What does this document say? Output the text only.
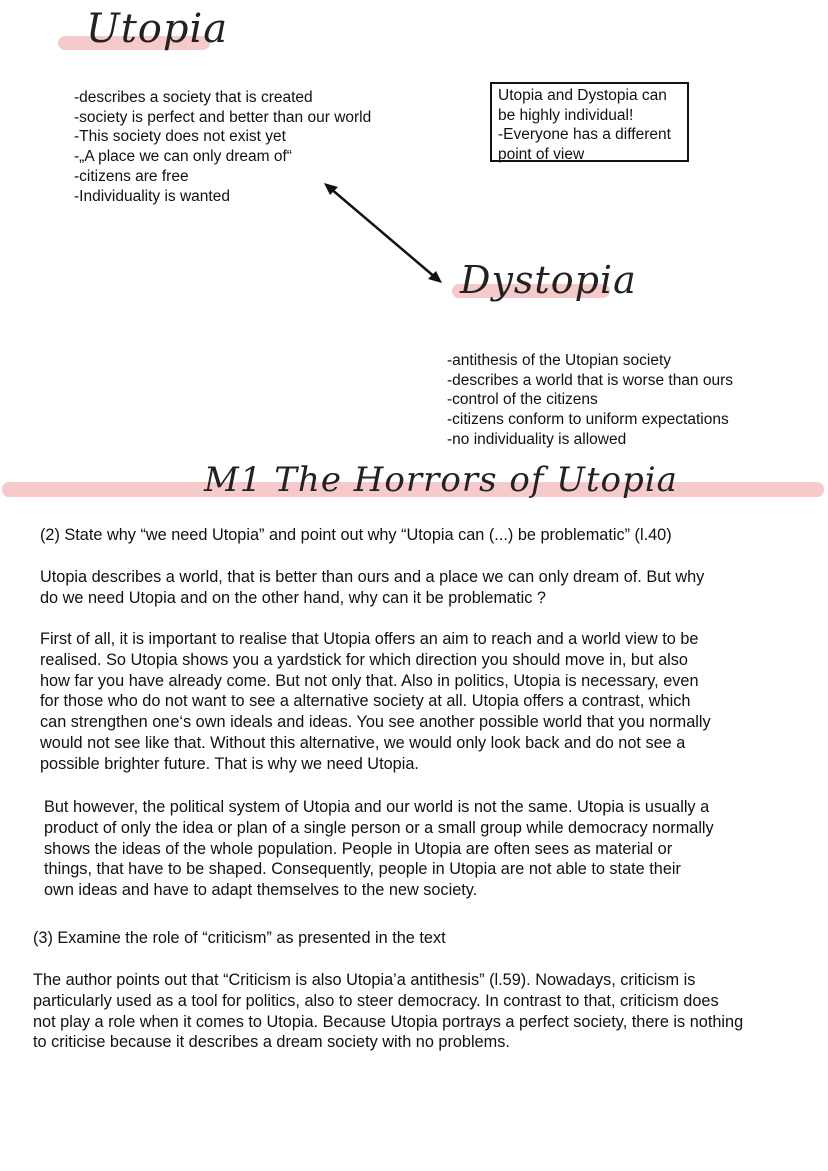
Utopia
-describes a society that is created
-society is perfect and better than our world
-This society does not exist yet
-„A place we can only dream of“
-citizens are free
-Individuality is wanted
Utopia and Dystopia can
be highly individual!
-Everyone has a different
point of view
Dystopia
-antithesis of the Utopian society
-describes a world that is worse than ours
-control of the citizens
-citizens conform to uniform expectations
-no individuality is allowed
M1 The Horrors of Utopia
(2) State why “we need Utopia” and point out why “Utopia can (...) be problematic” (l.40)
Utopia describes a world, that is better than ours and a place we can only dream of. But why
do we need Utopia and on the other hand, why can it be problematic ?
First of all, it is important to realise that Utopia offers an aim to reach and a world view to be
realised. So Utopia shows you a yardstick for which direction you should move in, but also
how far you have already come. But not only that. Also in politics, Utopia is necessary, even
for those who do not want to see a alternative society at all. Utopia offers a contrast, which
can strengthen one‘s own ideals and ideas. You see another possible world that you normally
would not see like that. Without this alternative, we would only look back and do not see a
possible brighter future. That is why we need Utopia.
But however, the political system of Utopia and our world is not the same. Utopia is usually a
product of only the idea or plan of a single person or a small group while democracy normally
shows the ideas of the whole population. People in Utopia are often sees as material or
things, that have to be shaped. Consequently, people in Utopia are not able to state their
own ideas and have to adapt themselves to the new society.
(3) Examine the role of “criticism” as presented in the text
The author points out that “Criticism is also Utopia’a antithesis” (l.59). Nowadays, criticism is
particularly used as a tool for politics, also to steer democracy. In contrast to that, criticism does
not play a role when it comes to Utopia. Because Utopia portrays a perfect society, there is nothing
to criticise because it describes a dream society with no problems.
